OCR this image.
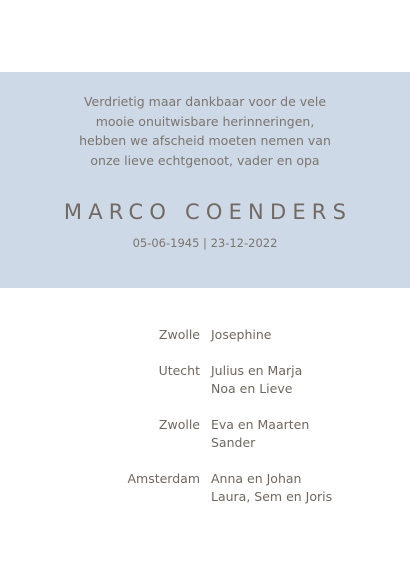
Verdrietig maar dankbaar voor de vele
mooie onuitwisbare herinneringen,
hebben we afscheid moeten nemen van
onze lieve echtgenoot, vader en opa
MARCO COENDERS
05-06-1945 | 23-12-2022
Zwolle Josephine
Utecht Julius en Marja
Noa en Lieve
Zwolle Eva en Maarten
Sander
Amsterdam Anna en Johan
Laura, Sem en Joris
